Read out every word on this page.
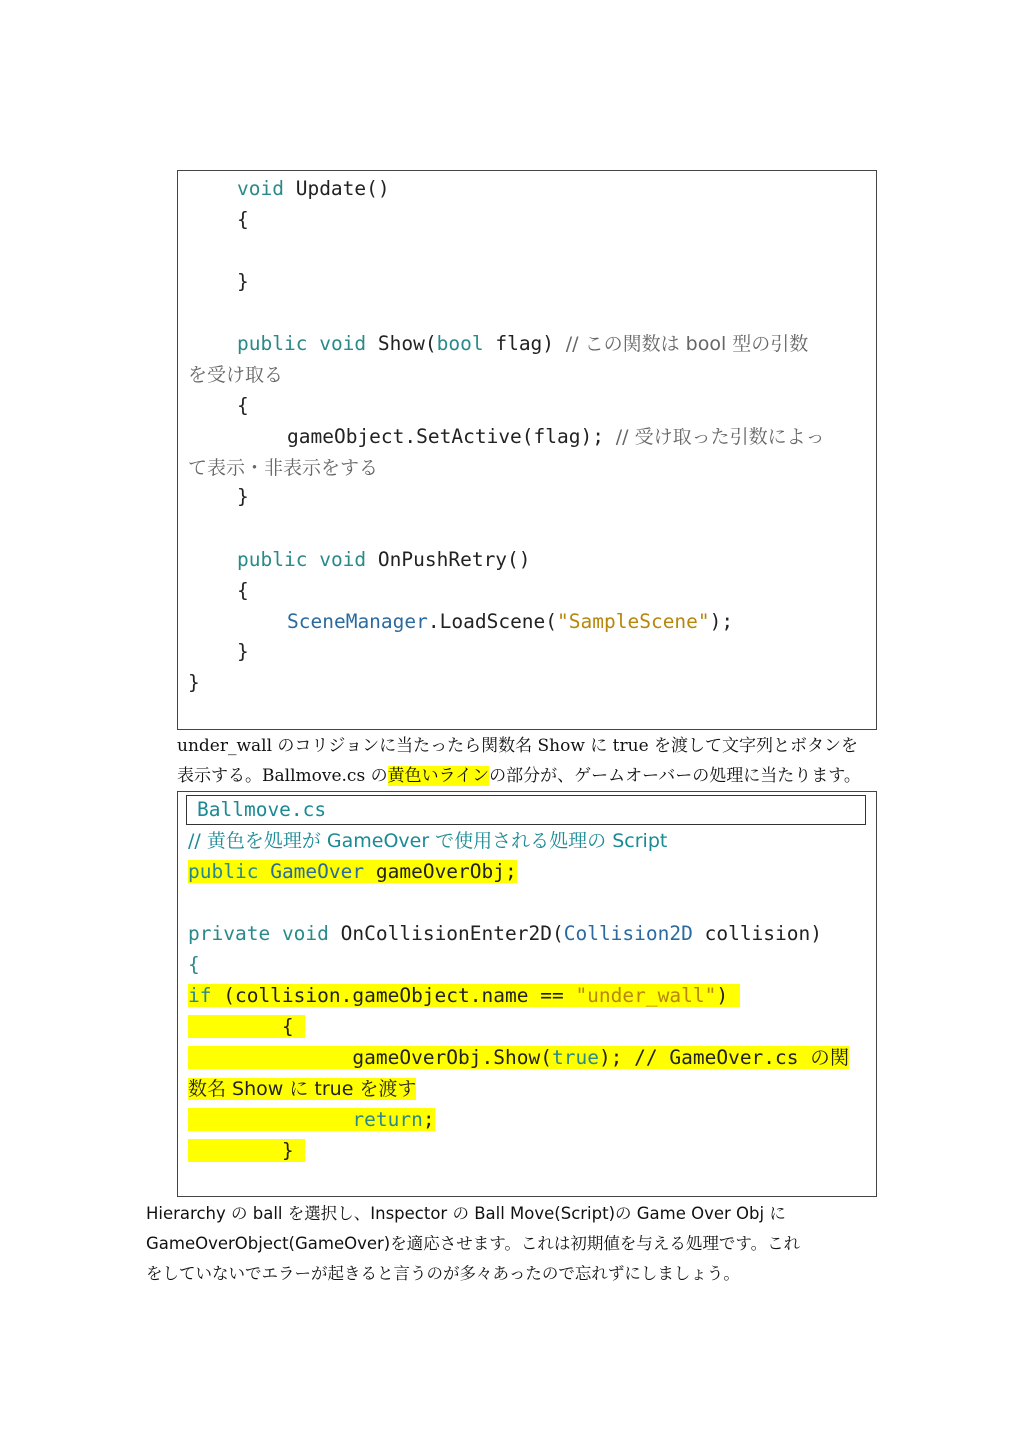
void Update()
{
}
public void Show(bool flag) // この関数は bool 型の引数
を受け取る
{
gameObject.SetActive(flag); // 受け取った引数によっ
て表示・非表示をする
}
public void OnPushRetry()
{
SceneManager.LoadScene("SampleScene");
}
}
under_wall のコリジョンに当たったら関数名 Show に true を渡して文字列とボタンを
表示する。Ballmove.cs の黄色いラインの部分が、ゲームオーバーの処理に当たります。
Ballmove.cs
// 黄色を処理が GameOver で使用される処理の Script
public GameOver gameOverObj;
private void OnCollisionEnter2D(Collision2D collision)
{
if (collision.gameObject.name == "under_wall")
{
gameOverObj.Show(true); // GameOver.cs の関
数名 Show に true を渡す
return;
}
Hierarchy の ball を選択し、Inspector の Ball Move(Script)の Game Over Obj に
GameOverObject(GameOver)を適応させます。これは初期値を与える処理です。これ
をしていないでエラーが起きると言うのが多々あったので忘れずにしましょう。
